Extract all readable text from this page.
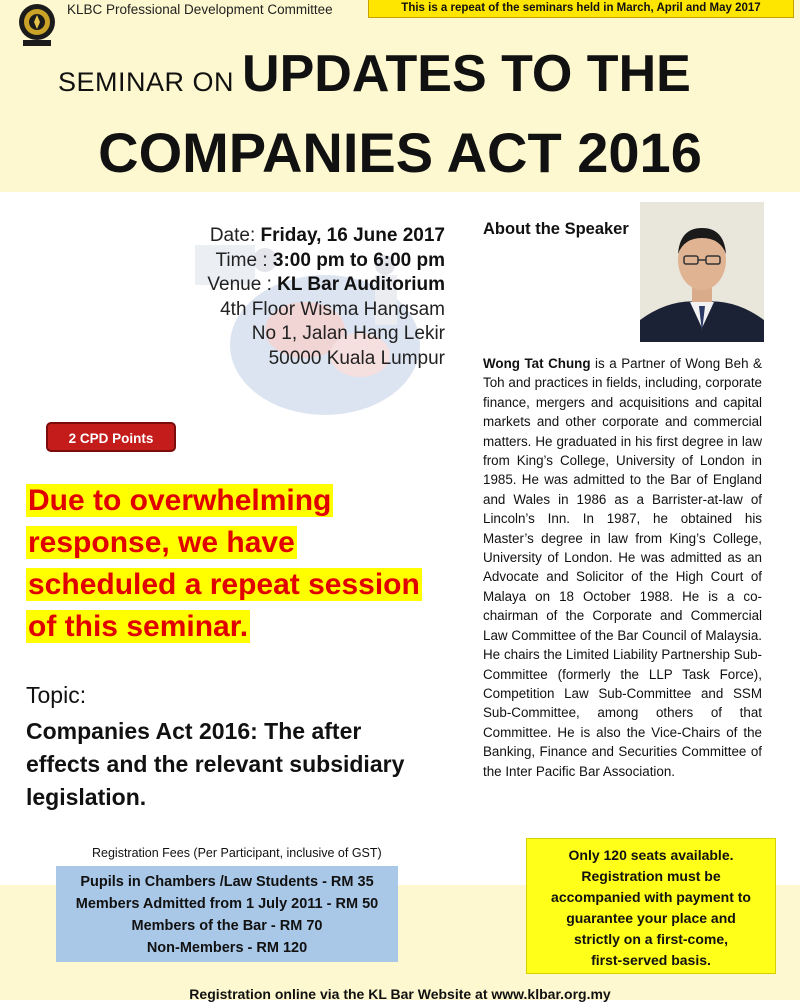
KLBC Professional Development Committee	This is a repeat of the seminars held in March, April and May 2017
SEMINAR ON UPDATES TO THE
COMPANIES ACT 2016
Date: Friday, 16 June 2017
Time : 3:00 pm to 6:00 pm
Venue : KL Bar Auditorium
4th Floor Wisma Hangsam
No 1, Jalan Hang Lekir
50000 Kuala Lumpur
2 CPD Points
Due to overwhelming
response, we have
scheduled a repeat session
of this seminar.
Topic:
Companies Act 2016: The after effects and the relevant subsidiary legislation.
About the Speaker
Wong Tat Chung is a Partner of Wong Beh & Toh and practices in fields, including, corporate finance, mergers and acquisitions and capital markets and other corporate and commercial matters. He graduated in his first degree in law from King’s College, University of London in 1985. He was admitted to the Bar of England and Wales in 1986 as a Barrister-at-law of Lincoln’s Inn. In 1987, he obtained his Master’s degree in law from King’s College, University of London. He was admitted as an Advocate and Solicitor of the High Court of Malaya on 18 October 1988. He is a co-chairman of the Corporate and Commercial Law Committee of the Bar Council of Malaysia. He chairs the Limited Liability Partnership Sub-Committee (formerly the LLP Task Force), Competition Law Sub-Committee and SSM Sub-Committee, among others of that Committee. He is also the Vice-Chairs of the Banking, Finance and Securities Committee of the Inter Pacific Bar Association.
Registration Fees (Per Participant, inclusive of GST)
Pupils in Chambers /Law Students - RM 35
Members Admitted from 1 July 2011 - RM 50
Members of the Bar - RM 70
Non-Members - RM 120
Only 120 seats available.
Registration must be
accompanied with payment to
guarantee your place and
strictly on a first-come,
first-served basis.
Registration online via the KL Bar Website at www.klbar.org.my
